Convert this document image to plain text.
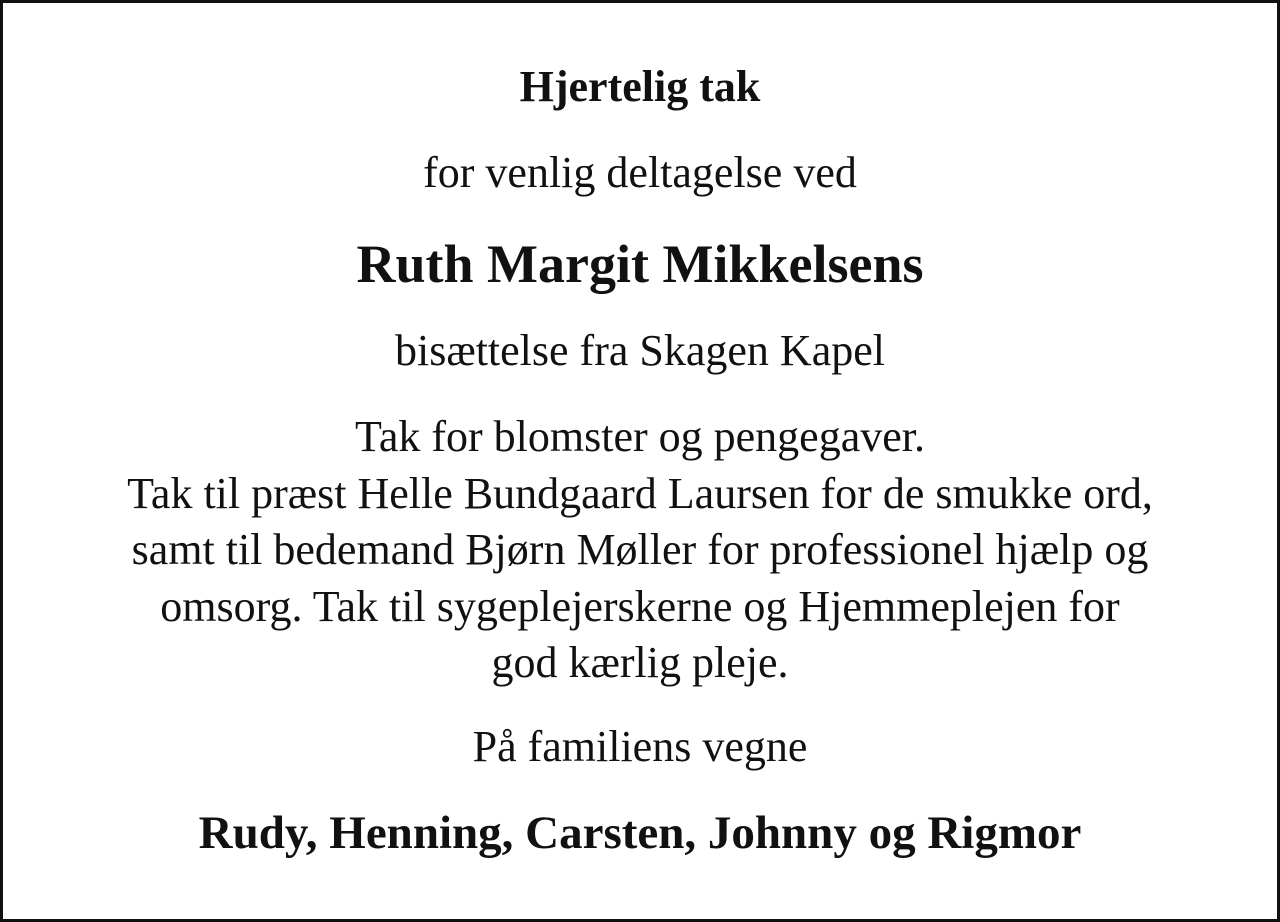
Hjertelig tak
for venlig deltagelse ved
Ruth Margit Mikkelsens
bisættelse fra Skagen Kapel
Tak for blomster og pengegaver.
Tak til præst Helle Bundgaard Laursen for de smukke ord,
samt til bedemand Bjørn Møller for professionel hjælp og
omsorg. Tak til sygeplejerskerne og Hjemmeplejen for
god kærlig pleje.
På familiens vegne
Rudy, Henning, Carsten, Johnny og Rigmor
